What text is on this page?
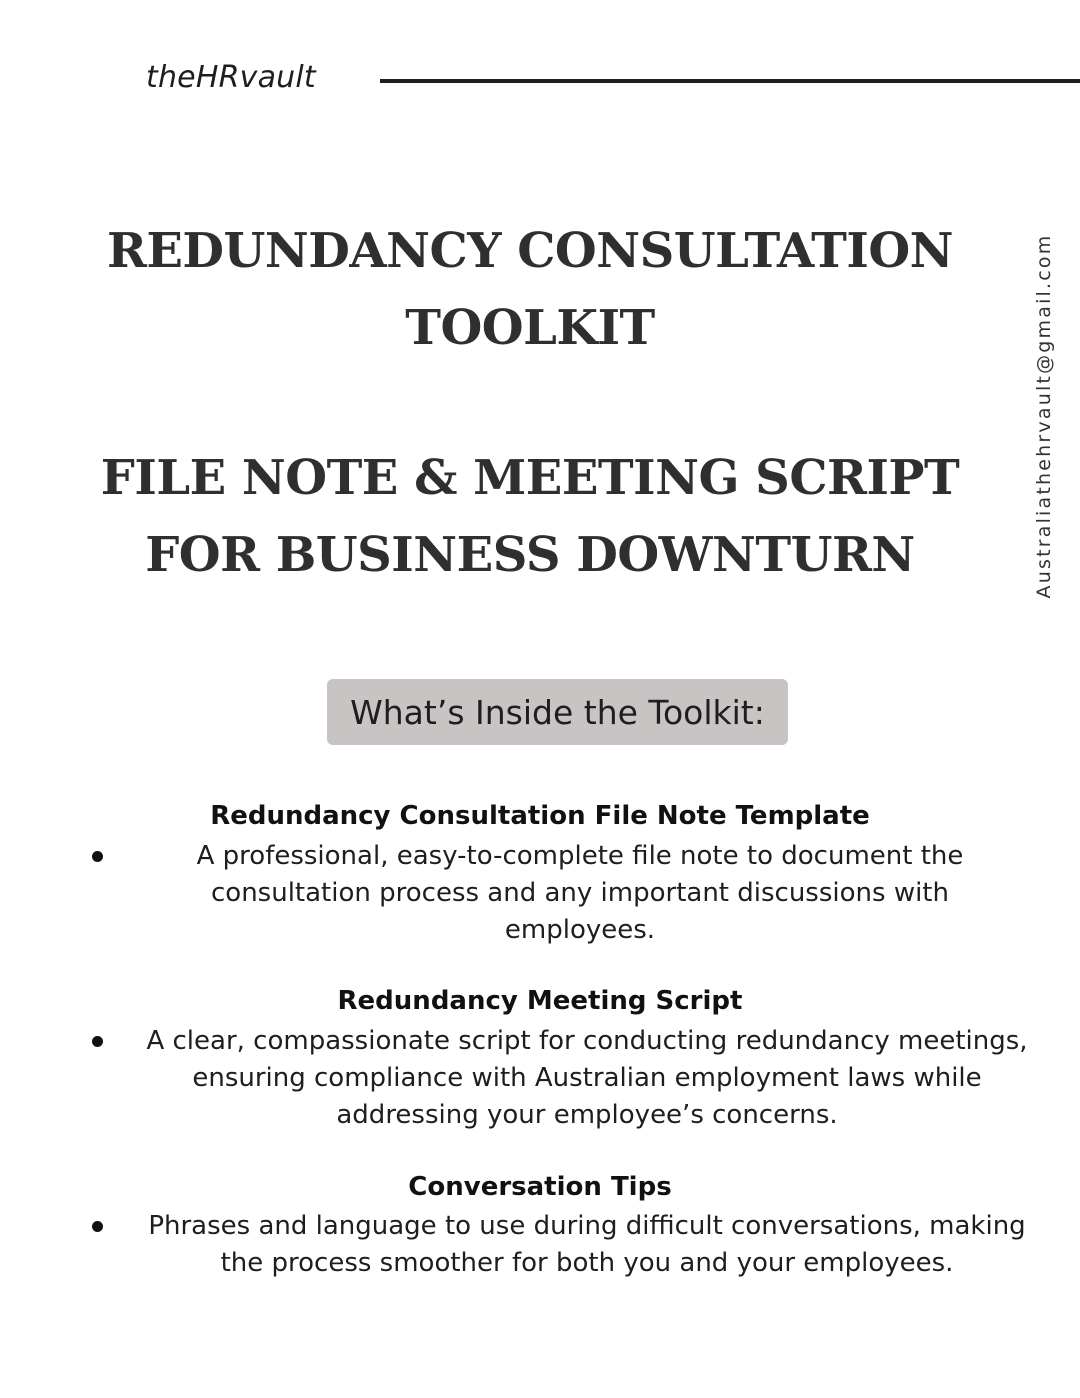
theHRvault
Australiathehrvault@gmail.com
REDUNDANCY CONSULTATION
TOOLKIT
FILE NOTE & MEETING SCRIPT
FOR BUSINESS DOWNTURN
What’s Inside the Toolkit:
Redundancy Consultation File Note Template
A professional, easy-to-complete file note to document the
consultation process and any important discussions with
employees.
Redundancy Meeting Script
A clear, compassionate script for conducting redundancy meetings,
ensuring compliance with Australian employment laws while
addressing your employee’s concerns.
Conversation Tips
Phrases and language to use during difficult conversations, making
the process smoother for both you and your employees.
